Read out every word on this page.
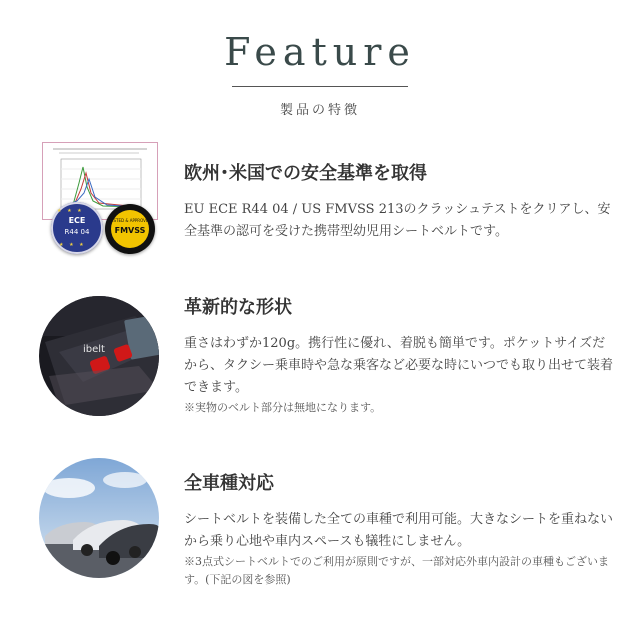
Feature
製品の特徴
ECE
R44 04
★ ★ ★
★ ★ ★
TESTED & APPROVED
FMVSS
欧州･米国での安全基準を取得
EU ECE R44 04 / US FMVSS 213のクラッシュテストをクリアし、安全基準の認可を受けた携帯型幼児用シートベルトです。
ibelt
革新的な形状
重さはわずか120g。携行性に優れ、着脱も簡単です。ポケットサイズだから、タクシー乗車時や急な乗客など必要な時にいつでも取り出せて装着できます。
※実物のベルト部分は無地になります。
全車種対応
シートベルトを装備した全ての車種で利用可能。大きなシートを重ねないから乗り心地や車内スペースも犠牲にしません。
※3点式シートベルトでのご利用が原則ですが、一部対応外車内設計の車種もございます。(下記の図を参照)
